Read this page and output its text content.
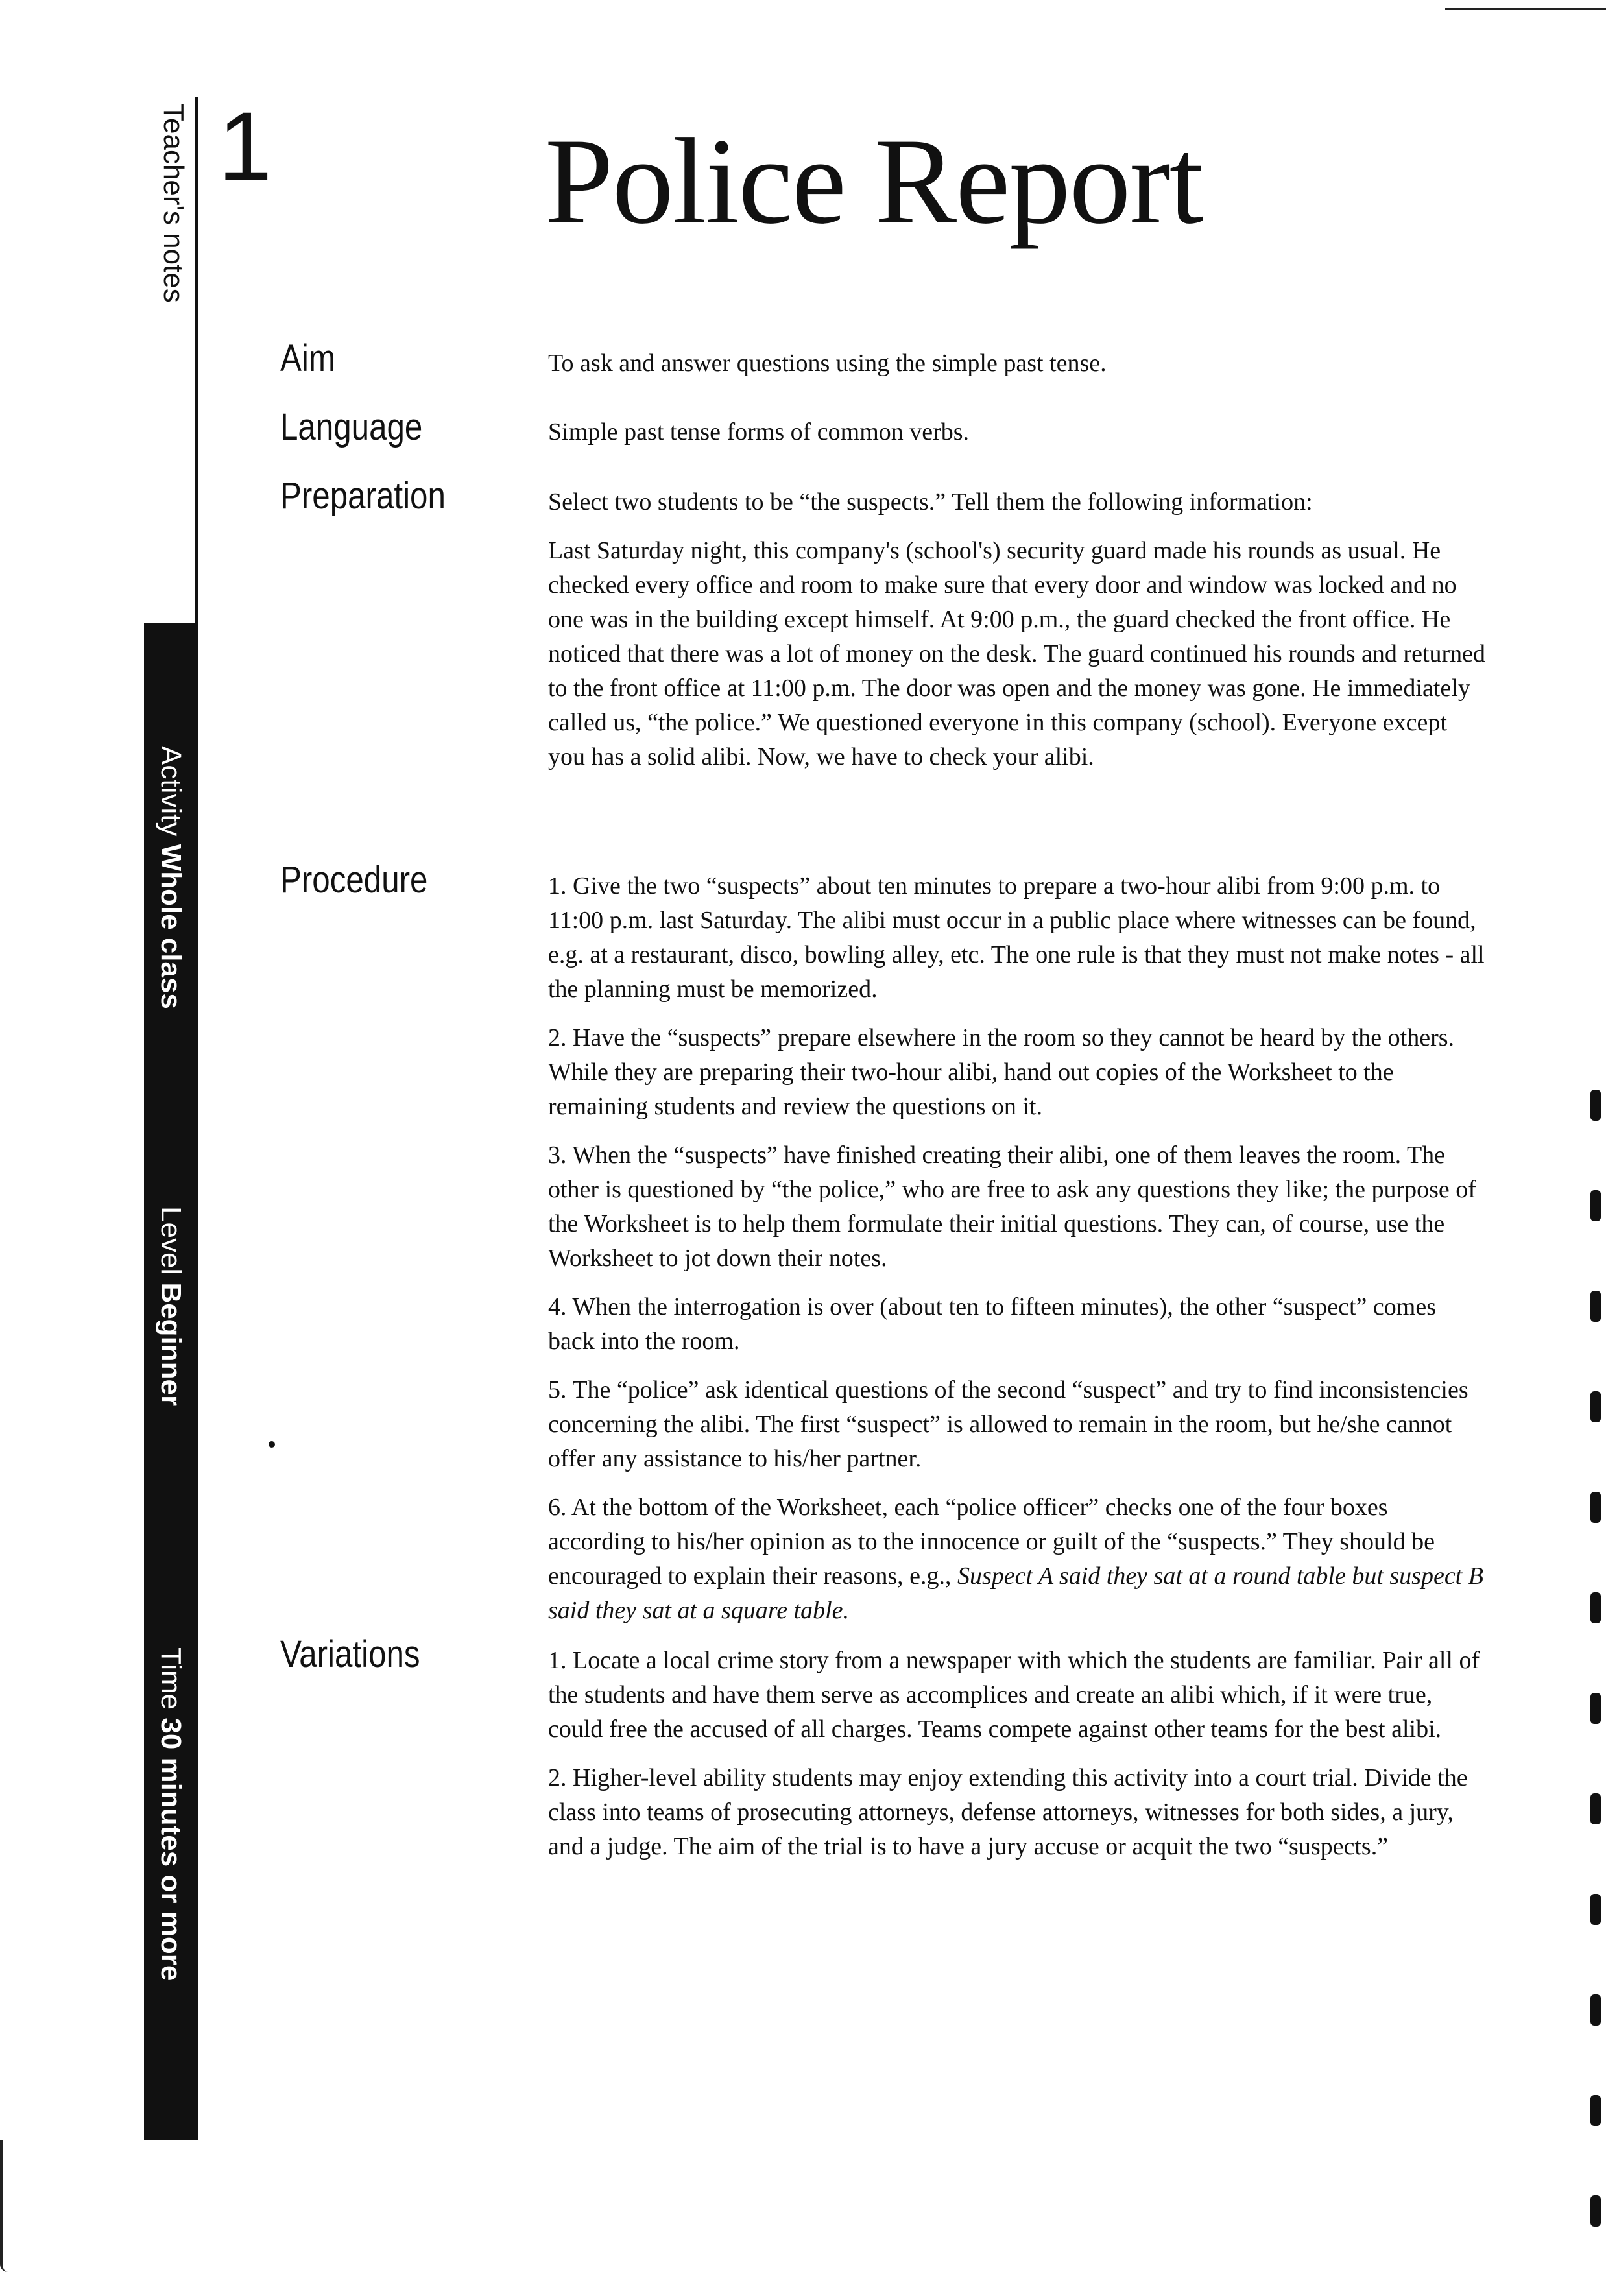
Teacher's notes
Activity Whole class
Level Beginner
Time 30 minutes or more
1 Police Report
Aim	To ask and answer questions using the simple past tense.
Language	Simple past tense forms of common verbs.
Preparation	Select two students to be “the suspects.” Tell them the following information:
Last Saturday night, this company's (school's) security guard made his rounds as usual. He checked every office and room to make sure that every door and window was locked and no one was in the building except himself. At 9:00 p.m., the guard checked the front office. He noticed that there was a lot of money on the desk. The guard continued his rounds and returned to the front office at 11:00 p.m. The door was open and the money was gone. He immediately called us, “the police.” We questioned everyone in this company (school). Everyone except you has a solid alibi. Now, we have to check your alibi.
Procedure	1. Give the two “suspects” about ten minutes to prepare a two-hour alibi from 9:00 p.m. to 11:00 p.m. last Saturday. The alibi must occur in a public place where witnesses can be found, e.g. at a restaurant, disco, bowling alley, etc. The one rule is that they must not make notes - all the planning must be memorized.
2. Have the “suspects” prepare elsewhere in the room so they cannot be heard by the others. While they are preparing their two-hour alibi, hand out copies of the Worksheet to the remaining students and review the questions on it.
3. When the “suspects” have finished creating their alibi, one of them leaves the room. The other is questioned by “the police,” who are free to ask any questions they like; the purpose of the Worksheet is to help them formulate their initial questions. They can, of course, use the Worksheet to jot down their notes.
4. When the interrogation is over (about ten to fifteen minutes), the other “suspect” comes back into the room.
5. The “police” ask identical questions of the second “suspect” and try to find inconsistencies concerning the alibi. The first “suspect” is allowed to remain in the room, but he/she cannot offer any assistance to his/her partner.
6. At the bottom of the Worksheet, each “police officer” checks one of the four boxes according to his/her opinion as to the innocence or guilt of the “suspects.” They should be encouraged to explain their reasons, e.g., Suspect A said they sat at a round table but suspect B said they sat at a square table.
Variations	1. Locate a local crime story from a newspaper with which the students are familiar. Pair all of the students and have them serve as accomplices and create an alibi which, if it were true, could free the accused of all charges. Teams compete against other teams for the best alibi.
2. Higher-level ability students may enjoy extending this activity into a court trial. Divide the class into teams of prosecuting attorneys, defense attorneys, witnesses for both sides, a jury, and a judge. The aim of the trial is to have a jury accuse or acquit the two “suspects.”
